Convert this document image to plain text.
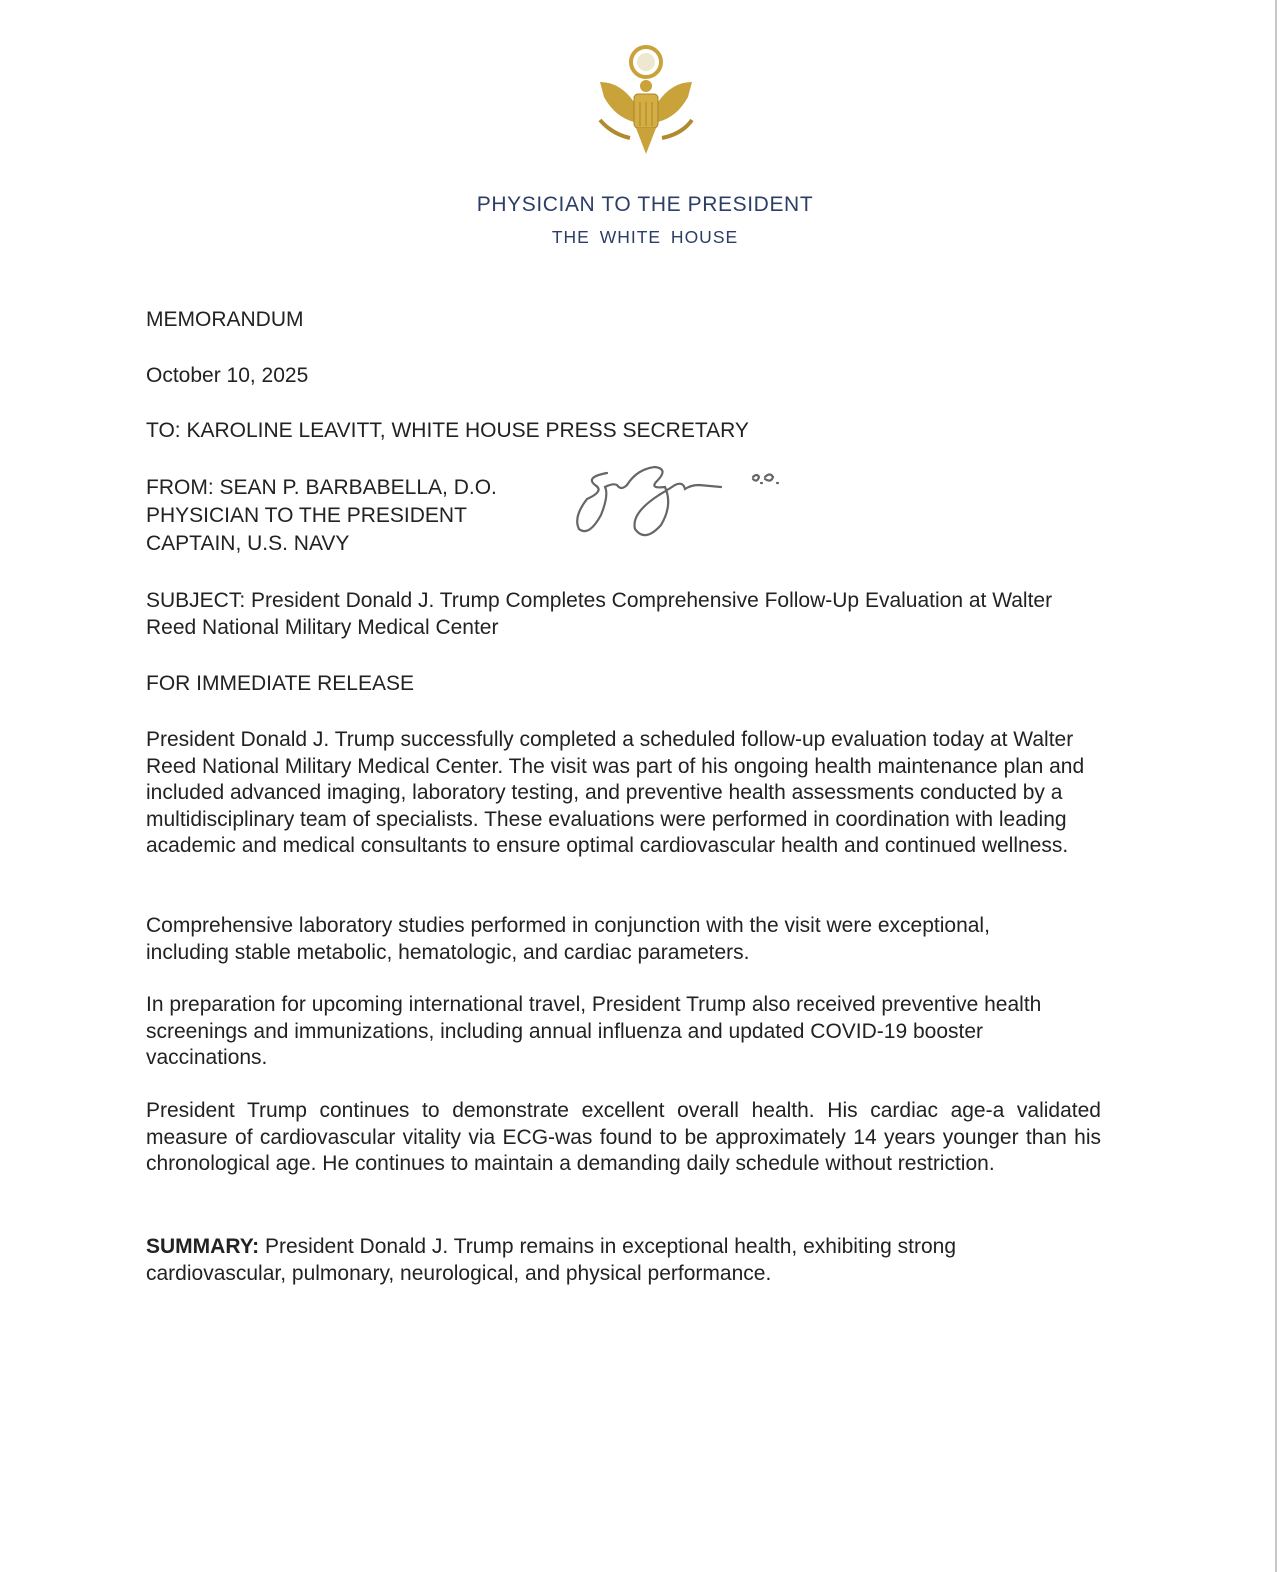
PHYSICIAN TO THE PRESIDENT
THE WHITE HOUSE
MEMORANDUM
October 10, 2025
TO: KAROLINE LEAVITT, WHITE HOUSE PRESS SECRETARY
FROM: SEAN P. BARBABELLA, D.O.
PHYSICIAN TO THE PRESIDENT
CAPTAIN, U.S. NAVY
SUBJECT: President Donald J. Trump Completes Comprehensive Follow-Up Evaluation at Walter Reed National Military Medical Center
FOR IMMEDIATE RELEASE
President Donald J. Trump successfully completed a scheduled follow-up evaluation today at Walter Reed National Military Medical Center. The visit was part of his ongoing health maintenance plan and included advanced imaging, laboratory testing, and preventive health assessments conducted by a multidisciplinary team of specialists. These evaluations were performed in coordination with leading academic and medical consultants to ensure optimal cardiovascular health and continued wellness.
Comprehensive laboratory studies performed in conjunction with the visit were exceptional, including stable metabolic, hematologic, and cardiac parameters.
In preparation for upcoming international travel, President Trump also received preventive health screenings and immunizations, including annual influenza and updated COVID-19 booster vaccinations.
President Trump continues to demonstrate excellent overall health. His cardiac age-a validated measure of cardiovascular vitality via ECG-was found to be approximately 14 years younger than his chronological age. He continues to maintain a demanding daily schedule without restriction.
SUMMARY: President Donald J. Trump remains in exceptional health, exhibiting strong cardiovascular, pulmonary, neurological, and physical performance.
